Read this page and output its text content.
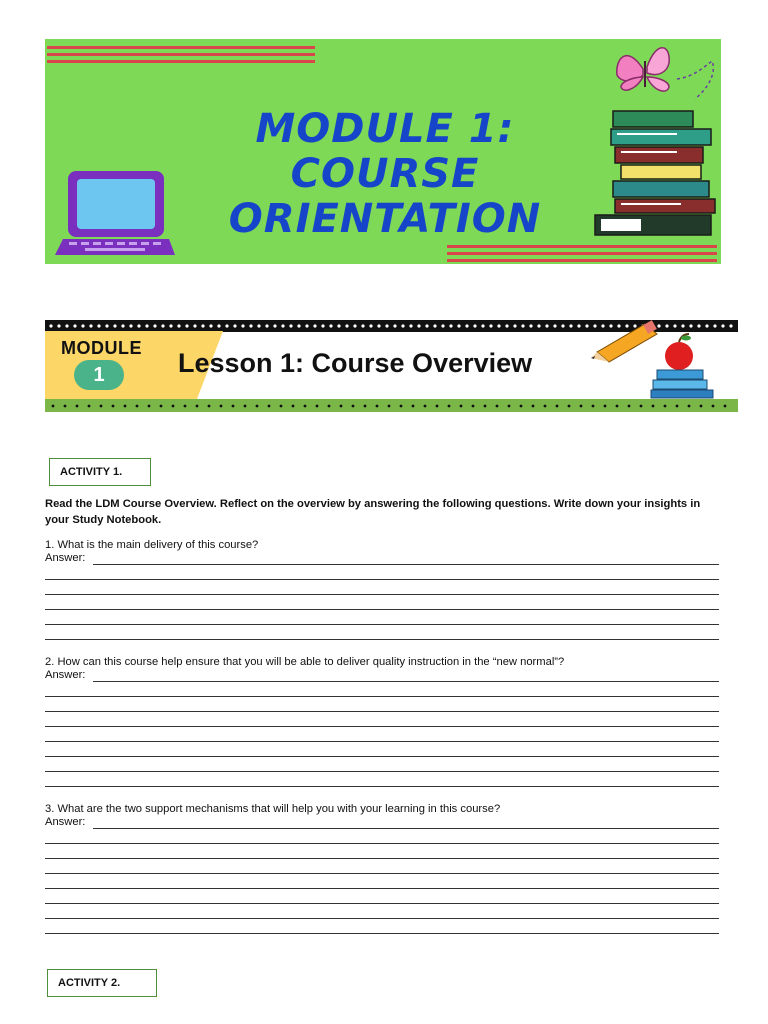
MODULE 1: COURSE
ORIENTATION
MODULE
1	Lesson 1: Course Overview
ACTIVITY 1.
Read the LDM Course Overview. Reflect on the overview by answering the following questions. Write down your insights in your Study Notebook.
1. What is the main delivery of this course?
Answer:
2. How can this course help ensure that you will be able to deliver quality instruction in the “new normal”?
Answer:
3. What are the two support mechanisms that will help you with your learning in this course?
Answer:
ACTIVITY 2.
